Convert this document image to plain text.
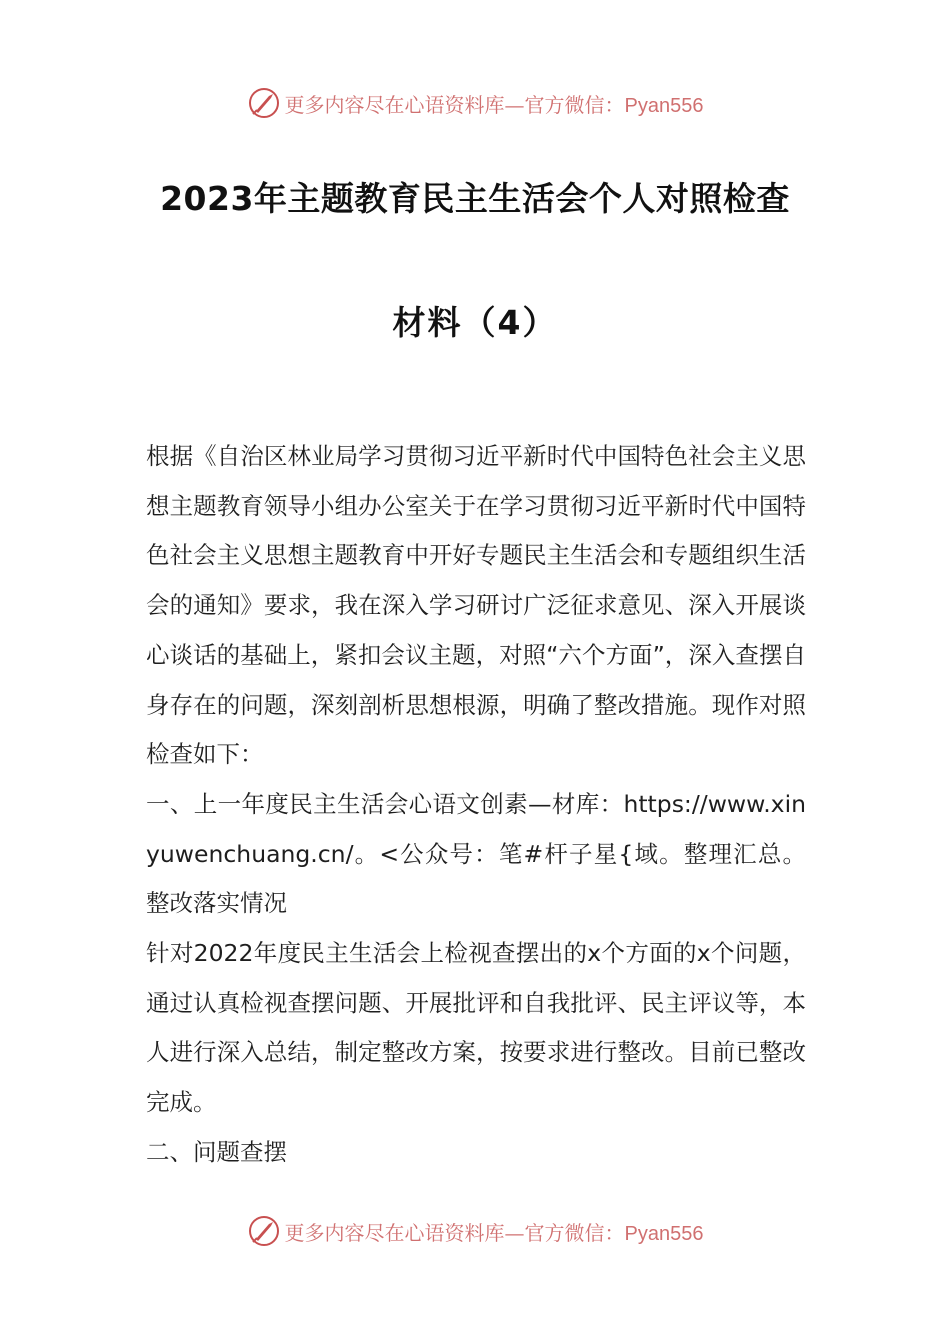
更多内容尽在心语资料库—官方微信：Pyan556
2023年主题教育民主生活会个人对照检查
材料（4）

根据《自治区林业局学习贯彻习近平新时代中国特色社会主义思想主题教育领导小组办公室关于在学习贯彻习近平新时代中国特色社会主义思想主题教育中开好专题民主生活会和专题组织生活会的通知》要求，我在深入学习研讨广泛征求意见、深入开展谈心谈话的基础上，紧扣会议主题，对照“六个方面”，深入查摆自身存在的问题，深刻剖析思想根源，明确了整改措施。现作对照检查如下：

一、上一年度民主生活会心语文创素—材库：https://www.xinyuwenchuang.cn/。<公众号：笔#杆子星{域。整理汇总。整改落实情况

针对2022年度民主生活会上检视查摆出的x个方面的x个问题，通过认真检视查摆问题、开展批评和自我批评、民主评议等，本人进行深入总结，制定整改方案，按要求进行整改。目前已整改完成。

二、问题查摆

更多内容尽在心语资料库—官方微信：Pyan556
